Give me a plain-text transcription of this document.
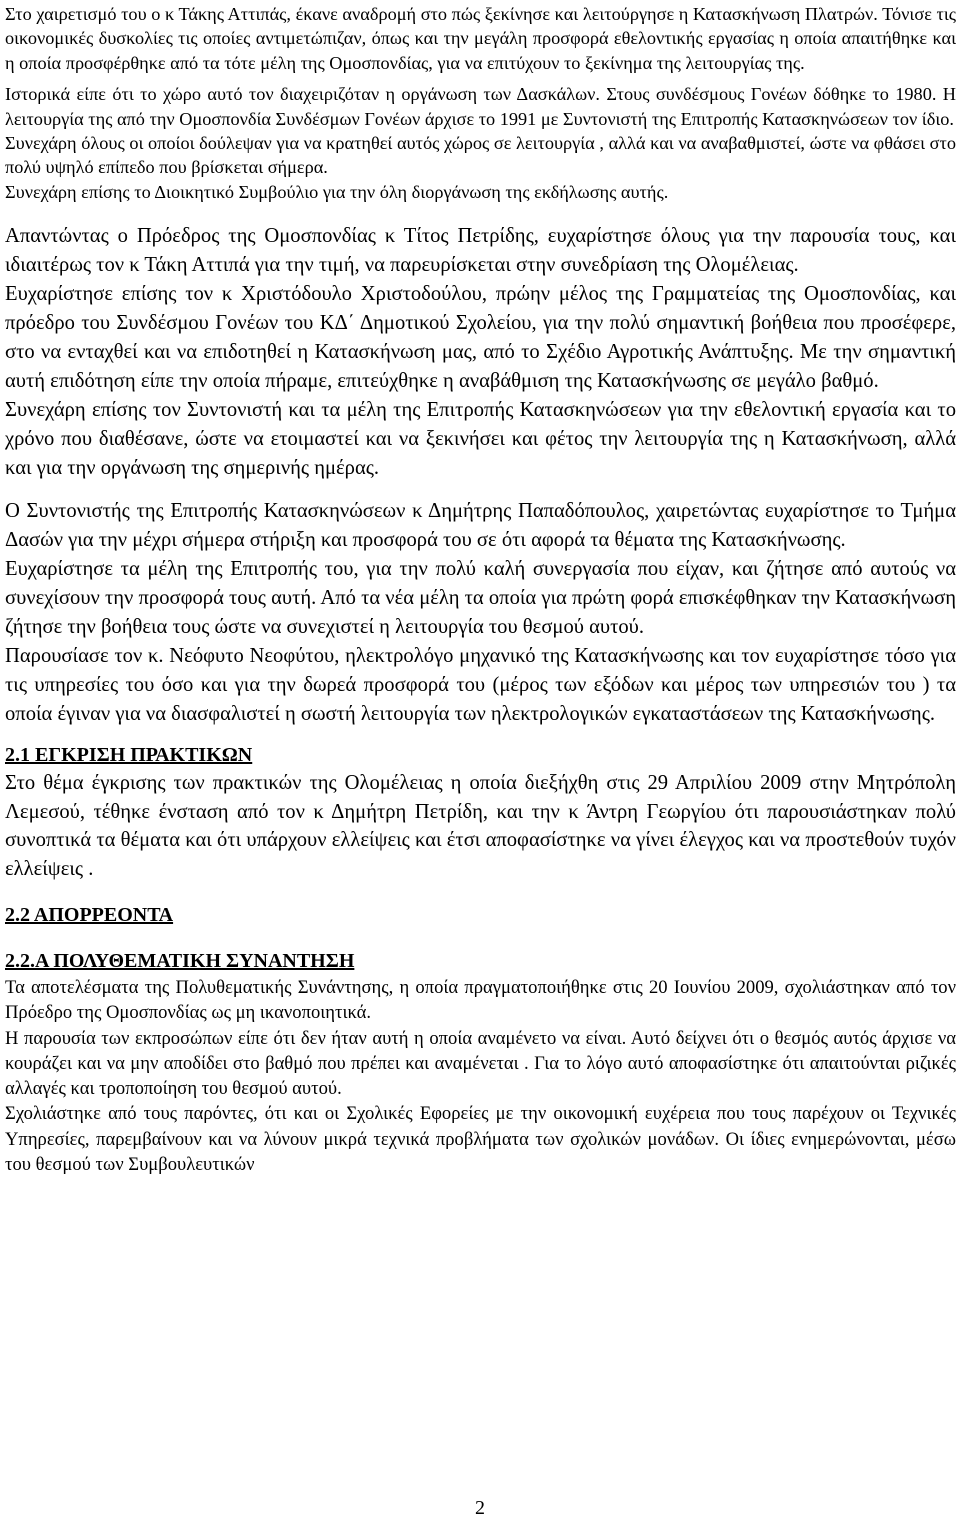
Στο χαιρετισμό του ο κ Τάκης Αττιπάς, έκανε αναδρομή στο πώς ξεκίνησε και λειτούργησε η Κατασκήνωση Πλατρών. Τόνισε τις οικονομικές δυσκολίες τις οποίες αντιμετώπιζαν, όπως και την μεγάλη προσφορά εθελοντικής εργασίας η οποία απαιτήθηκε και η οποία προσφέρθηκε από τα τότε μέλη της Ομοσπονδίας, για να επιτύχουν το ξεκίνημα της λειτουργίας της.

Ιστορικά είπε ότι το χώρο αυτό τον διαχειριζόταν η οργάνωση των Δασκάλων. Στους συνδέσμους Γονέων δόθηκε το 1980. Η λειτουργία της από την Ομοσπονδία Συνδέσμων Γονέων άρχισε το 1991 με Συντονιστή της Επιτροπής Κατασκηνώσεων τον ίδιο.

Συνεχάρη όλους οι οποίοι δούλεψαν για να κρατηθεί αυτός χώρος σε λειτουργία , αλλά και να αναβαθμιστεί, ώστε να φθάσει στο πολύ υψηλό επίπεδο που βρίσκεται σήμερα.

Συνεχάρη επίσης το Διοικητικό Συμβούλιο για την όλη διοργάνωση της εκδήλωσης αυτής.

Απαντώντας ο Πρόεδρος της Ομοσπονδίας κ Τίτος Πετρίδης, ευχαρίστησε όλους για την παρουσία τους, και ιδιαιτέρως τον κ Τάκη Αττιπά για την τιμή, να παρευρίσκεται στην συνεδρίαση της Ολομέλειας.

Ευχαρίστησε επίσης τον κ Χριστόδουλο Χριστοδούλου, πρώην μέλος της Γραμματείας της Ομοσπονδίας, και πρόεδρο του Συνδέσμου Γονέων του ΚΔ΄ Δημοτικού Σχολείου, για την πολύ σημαντική βοήθεια που προσέφερε, στο να ενταχθεί και να επιδοτηθεί η Κατασκήνωση μας, από το Σχέδιο Αγροτικής Ανάπτυξης. Με την σημαντική αυτή επιδότηση είπε την οποία πήραμε, επιτεύχθηκε η αναβάθμιση της Κατασκήνωσης σε μεγάλο βαθμό.

Συνεχάρη επίσης τον Συντονιστή και τα μέλη της Επιτροπής Κατασκηνώσεων για την εθελοντική εργασία και το χρόνο που διαθέσανε, ώστε να ετοιμαστεί και να ξεκινήσει και φέτος την λειτουργία της η Κατασκήνωση, αλλά και για την οργάνωση της σημερινής ημέρας.

Ο Συντονιστής της Επιτροπής Κατασκηνώσεων κ Δημήτρης Παπαδόπουλος, χαιρετώντας ευχαρίστησε το Τμήμα Δασών για την μέχρι σήμερα στήριξη και προσφορά του σε ότι αφορά τα θέματα της Κατασκήνωσης.

Ευχαρίστησε τα μέλη της Επιτροπής του, για την πολύ καλή συνεργασία που είχαν, και ζήτησε από αυτούς να συνεχίσουν την προσφορά τους αυτή. Από τα νέα μέλη τα οποία για πρώτη φορά επισκέφθηκαν την Κατασκήνωση ζήτησε την βοήθεια τους ώστε να συνεχιστεί η λειτουργία του θεσμού αυτού.

Παρουσίασε τον κ. Νεόφυτο Νεοφύτου, ηλεκτρολόγο μηχανικό της Κατασκήνωσης και τον ευχαρίστησε τόσο για τις υπηρεσίες του όσο και για την δωρεά προσφορά του (μέρος των εξόδων και μέρος των υπηρεσιών του ) τα οποία έγιναν για να διασφαλιστεί η σωστή λειτουργία των ηλεκτρολογικών εγκαταστάσεων της Κατασκήνωσης.

2.1 ΕΓΚΡΙΣΗ ΠΡΑΚΤΙΚΩΝ

Στο θέμα έγκρισης των πρακτικών της Ολομέλειας η οποία διεξήχθη στις 29 Απριλίου 2009 στην Μητρόπολη Λεμεσού, τέθηκε ένσταση από τον κ Δημήτρη Πετρίδη, και την κ Άντρη Γεωργίου ότι παρουσιάστηκαν πολύ συνοπτικά τα θέματα και ότι υπάρχουν ελλείψεις και έτσι αποφασίστηκε να γίνει έλεγχος και να προστεθούν τυχόν ελλείψεις .

2.2 ΑΠΟΡΡΕΟΝΤΑ

2.2.Α ΠΟΛΥΘΕΜΑΤΙΚΗ ΣΥΝΑΝΤΗΣΗ

Τα αποτελέσματα της Πολυθεματικής Συνάντησης, η οποία πραγματοποιήθηκε στις 20 Ιουνίου 2009, σχολιάστηκαν από τον Πρόεδρο της Ομοσπονδίας ως μη ικανοποιητικά.

Η παρουσία των εκπροσώπων είπε ότι δεν ήταν αυτή η οποία αναμένετο να είναι. Αυτό δείχνει ότι ο θεσμός αυτός άρχισε να κουράζει και να μην αποδίδει στο βαθμό που πρέπει και αναμένεται . Για το λόγο αυτό αποφασίστηκε ότι απαιτούνται ριζικές αλλαγές και τροποποίηση του θεσμού αυτού.

Σχολιάστηκε από τους παρόντες, ότι και οι Σχολικές Εφορείες με την οικονομική ευχέρεια που τους παρέχουν οι Τεχνικές Υπηρεσίες, παρεμβαίνουν και να λύνουν μικρά τεχνικά προβλήματα των σχολικών μονάδων. Οι ίδιες ενημερώνονται, μέσω του θεσμού των Συμβουλευτικών

2
